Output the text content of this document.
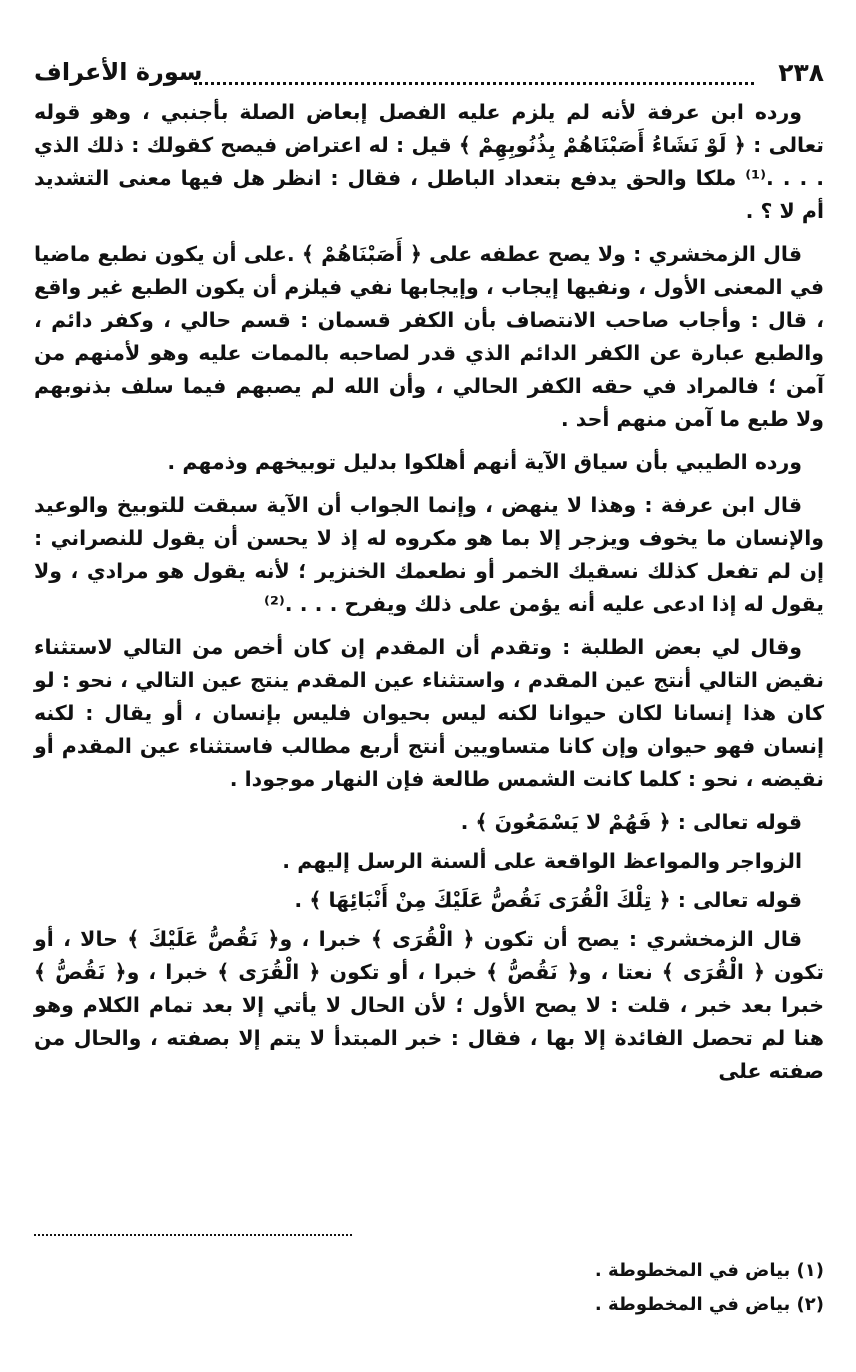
٢٣٨
سورة الأعراف

ورده ابن عرفة لأنه لم يلزم عليه الفصل إبعاض الصلة بأجنبي ، وهو قوله تعالى : ﴿ لَوْ نَشَاءُ أَصَبْنَاهُمْ بِذُنُوبِهِمْ ﴾ قيل : له اعتراض فيصح كقولك : ذلك الذي . . . .⁽¹⁾ ملكا والحق يدفع بتعداد الباطل ، فقال : انظر هل فيها معنى التشديد أم لا ؟ .

قال الزمخشري : ولا يصح عطفه على ﴿ أَصَبْنَاهُمْ ﴾ .على أن يكون نطبع ماضيا في المعنى الأول ، ونفيها إيجاب ، وإيجابها نفي فيلزم أن يكون الطبع غير واقع ، قال : وأجاب صاحب الانتصاف بأن الكفر قسمان : قسم حالي ، وكفر دائم ، والطبع عبارة عن الكفر الدائم الذي قدر لصاحبه بالممات عليه وهو لأمنهم من آمن ؛ فالمراد في حقه الكفر الحالي ، وأن الله لم يصبهم فيما سلف بذنوبهم ولا طبع ما آمن منهم أحد .

ورده الطيبي بأن سياق الآية أنهم أهلكوا بدليل توبيخهم وذمهم .

قال ابن عرفة : وهذا لا ينهض ، وإنما الجواب أن الآية سبقت للتوبيخ والوعيد والإنسان ما يخوف ويزجر إلا بما هو مكروه له إذ لا يحسن أن يقول للنصراني : إن لم تفعل كذلك نسقيك الخمر أو نطعمك الخنزير ؛ لأنه يقول هو مرادي ، ولا يقول له إذا ادعى عليه أنه يؤمن على ذلك ويفرح . . . .⁽²⁾

وقال لي بعض الطلبة : وتقدم أن المقدم إن كان أخص من التالي لاستثناء نقيض التالي أنتج عين المقدم ، واستثناء عين المقدم ينتج عين التالي ، نحو : لو كان هذا إنسانا لكان حيوانا لكنه ليس بحيوان فليس بإنسان ، أو يقال : لكنه إنسان فهو حيوان وإن كانا متساويين أنتج أربع مطالب فاستثناء عين المقدم أو نقيضه ، نحو : كلما كانت الشمس طالعة فإن النهار موجودا .

قوله تعالى : ﴿ فَهُمْ لا يَسْمَعُونَ ﴾ .

الزواجر والمواعظ الواقعة على ألسنة الرسل إليهم .

قوله تعالى : ﴿ تِلْكَ الْقُرَى نَقُصُّ عَلَيْكَ مِنْ أَنْبَائِهَا ﴾ .

قال الزمخشري : يصح أن تكون ﴿ الْقُرَى ﴾ خبرا ، و﴿ نَقُصُّ عَلَيْكَ ﴾ حالا ، أو تكون ﴿ الْقُرَى ﴾ نعتا ، و﴿ نَقُصُّ ﴾ خبرا ، أو تكون ﴿ الْقُرَى ﴾ خبرا ، و﴿ نَقُصُّ ﴾ خبرا بعد خبر ، قلت : لا يصح الأول ؛ لأن الحال لا يأتي إلا بعد تمام الكلام وهو هنا لم تحصل الفائدة إلا بها ، فقال : خبر المبتدأ لا يتم إلا بصفته ، والحال من صفته على

(١) بياض في المخطوطة .

(٢) بياض في المخطوطة .
